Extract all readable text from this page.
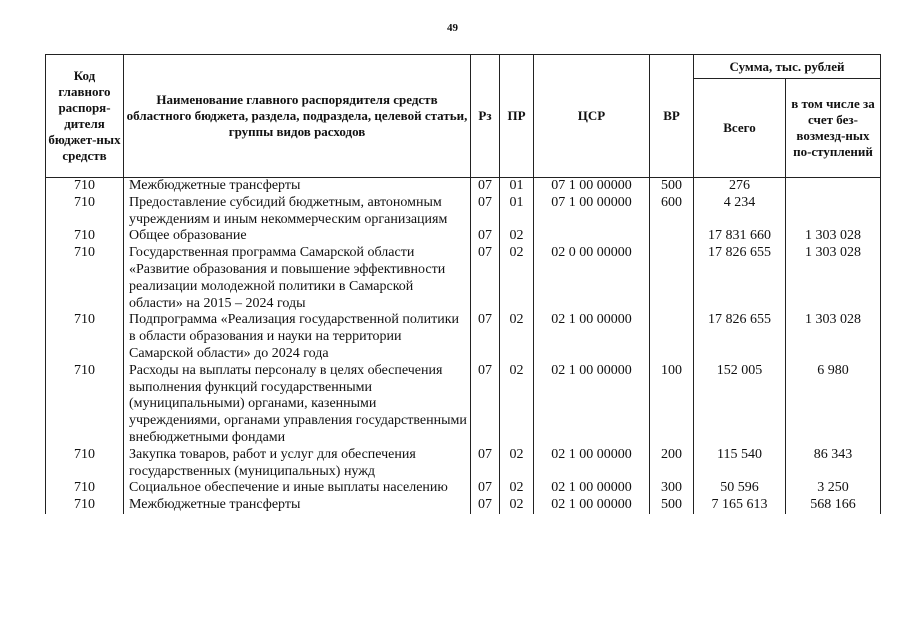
49
Код главного распоря-дителя бюджет-ных средств	Наименование главного распорядителя средств областного бюджета, раздела, подраздела, целевой статьи, группы видов расходов	Рз	ПР	ЦСР	ВР	Сумма, тыс. рублей	
						Всего	в том числе за счет без-возмезд-ных по-ступлений
710	Межбюджетные трансферты	07	01	07 1 00 00000	500	276	
710	Предоставление субсидий бюджетным, автономным учреждениям и иным некоммерческим организациям	07	01	07 1 00 00000	600	4 234	
710	Общее образование	07	02			17 831 660	1 303 028
710	Государственная программа Самарской области «Развитие образования и повышение эффективности реализации молодежной политики в Самарской области» на 2015 – 2024 годы	07	02	02 0 00 00000		17 826 655	1 303 028
710	Подпрограмма «Реализация государственной политики в области образования и науки на территории Самарской области» до 2024 года	07	02	02 1 00 00000		17 826 655	1 303 028
710	Расходы на выплаты персоналу в целях обеспечения выполнения функций государственными (муниципальными) органами, казенными учреждениями, органами управления государственными внебюджетными фондами	07	02	02 1 00 00000	100	152 005	6 980
710	Закупка товаров, работ и услуг для обеспечения государственных (муниципальных) нужд	07	02	02 1 00 00000	200	115 540	86 343
710	Социальное обеспечение и иные выплаты населению	07	02	02 1 00 00000	300	50 596	3 250
710	Межбюджетные трансферты	07	02	02 1 00 00000	500	7 165 613	568 166
